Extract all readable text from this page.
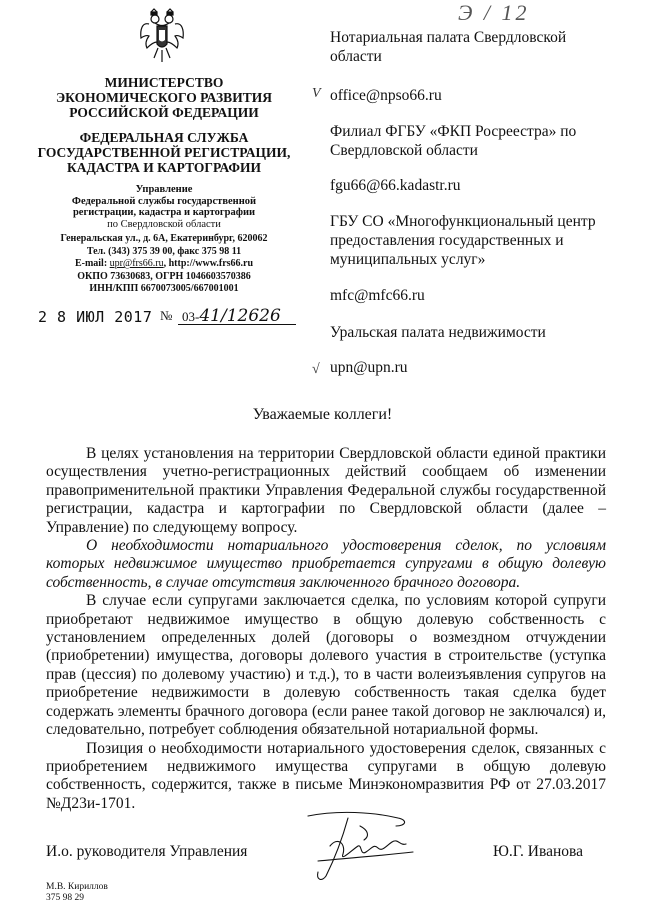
Э / 12
МИНИСТЕРСТВО
ЭКОНОМИЧЕСКОГО РАЗВИТИЯ
РОССИЙСКОЙ ФЕДЕРАЦИИ
ФЕДЕРАЛЬНАЯ СЛУЖБА
ГОСУДАРСТВЕННОЙ РЕГИСТРАЦИИ,
КАДАСТРА И КАРТОГРАФИИ
Управление
Федеральной службы государственной
регистрации, кадастра и картографии
по Свердловской области
Генеральская ул., д. 6А, Екатеринбург, 620062
Тел. (343) 375 39 00, факс 375 98 11
E-mail: upr@frs66.ru, http://www.frs66.ru
ОКПО 73630683, ОГРН 1046603570386
ИНН/КПП 6670073005/667001001
2 8 ИЮЛ 2017 № 03-41/12626
Нотариальная палата Свердловской области
V office@npso66.ru
Филиал ФГБУ «ФКП Росреестра» по Свердловской области
fgu66@66.kadastr.ru
ГБУ СО «Многофункциональный центр предоставления государственных и муниципальных услуг»
mfc@mfc66.ru
Уральская палата недвижимости
√ upn@upn.ru
Уважаемые коллеги!

В целях установления на территории Свердловской области единой практики осуществления учетно-регистрационных действий сообщаем об изменении правоприменительной практики Управления Федеральной службы государственной регистрации, кадастра и картографии по Свердловской области (далее – Управление) по следующему вопросу.

О необходимости нотариального удостоверения сделок, по условиям которых недвижимое имущество приобретается супругами в общую долевую собственность, в случае отсутствия заключенного брачного договора.

В случае если супругами заключается сделка, по условиям которой супруги приобретают недвижимое имущество в общую долевую собственность с установлением определенных долей (договоры о возмездном отчуждении (приобретении) имущества, договоры долевого участия в строительстве (уступка прав (цессия) по долевому участию) и т.д.), то в части волеизъявления супругов на приобретение недвижимости в долевую собственность такая сделка будет содержать элементы брачного договора (если ранее такой договор не заключался) и, следовательно, потребует соблюдения обязательной нотариальной формы.

Позиция о необходимости нотариального удостоверения сделок, связанных с приобретением недвижимого имущества супругами в общую долевую собственность, содержится, также в письме Минэкономразвития РФ от 27.03.2017 №Д23и-1701.

И.о. руководителя Управления	Ю.Г. Иванова
М.В. Кириллов
375 98 29
